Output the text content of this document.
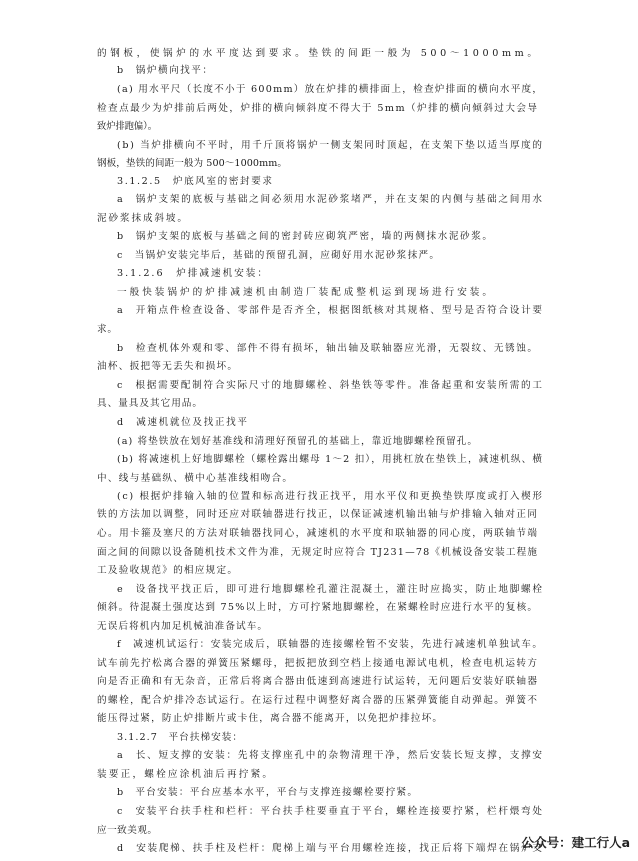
的钢板，使锅炉的水平度达到要求。垫铁的间距一般为 500～1000mm。
b　锅炉横向找平：
(a) 用水平尺（长度不小于 600mm）放在炉排的横排面上，检查炉排面的横向水平度，
检查点最少为炉排前后两处，炉排的横向倾斜度不得大于 5mm（炉排的横向倾斜过大会导
致炉排跑偏）。
(b) 当炉排横向不平时，用千斤顶将锅炉一侧支架同时顶起，在支架下垫以适当厚度的
钢板，垫铁的间距一般为 500～1000mm。
3.1.2.5　炉底风室的密封要求
a　锅炉支架的底板与基础之间必须用水泥砂浆堵严，并在支架的内侧与基础之间用水
泥砂浆抹成斜坡。
b　锅炉支架的底板与基础之间的密封砖应砌筑严密，墙的两侧抹水泥砂浆。
c　当锅炉安装完毕后，基础的预留孔洞，应砌好用水泥砂浆抹严。
3.1.2.6　炉排减速机安装：
一般快装锅炉的炉排减速机由制造厂装配成整机运到现场进行安装。
a　开箱点件检查设备、零部件是否齐全，根据图纸核对其规格、型号是否符合设计要
求。
b　检查机体外观和零、部件不得有损坏，轴出轴及联轴器应光滑，无裂纹、无锈蚀。
油杯、扳把等无丢失和损坏。
c　根据需要配制符合实际尺寸的地脚螺栓、斜垫铁等零件。准备起重和安装所需的工
具、量具及其它用品。
d　减速机就位及找正找平
(a) 将垫铁放在划好基准线和清理好预留孔的基础上，靠近地脚螺栓预留孔。
(b) 将减速机上好地脚螺栓（螺栓露出螺母 1～2 扣），用挑杠放在垫铁上，减速机纵、横
中、线与基础纵、横中心基准线相吻合。
(c) 根据炉排输入轴的位置和标高进行找正找平，用水平仪和更换垫铁厚度或打入楔形
铁的方法加以调整，同时还应对联轴器进行找正，以保证减速机输出轴与炉排输入轴对正同
心。用卡箍及塞尺的方法对联轴器找同心，减速机的水平度和联轴器的同心度，两联轴节端
面之间的间隙以设备随机技术文件为准，无规定时应符合 TJ231—78《机械设备安装工程施
工及验收规范》的相应规定。
e　设备找平找正后，即可进行地脚螺栓孔灌注混凝土，灌注时应捣实，防止地脚螺栓
倾斜。待混凝土强度达到 75%以上时，方可拧紧地脚螺栓，在紧螺栓时应进行水平的复核。
无误后将机内加足机械油准备试车。
f　减速机试运行：安装完成后，联轴器的连接螺栓暂不安装，先进行减速机单独试车。
试车前先拧松离合器的弹簧压紧螺母，把扳把放到空档上接通电源试电机，检查电机运转方
向是否正确和有无杂音，正常后将离合器由低速到高速进行试运转，无问题后安装好联轴器
的螺栓，配合炉排冷态试运行。在运行过程中调整好离合器的压紧弹簧能自动弹起。弹簧不
能压得过紧，防止炉排断片或卡住，离合器不能离开，以免把炉排拉坏。
3.1.2.7　平台扶梯安装：
a　长、短支撑的安装：先将支撑座孔中的杂物清理干净，然后安装长短支撑，支撑安
装要正，螺栓应涂机油后再拧紧。
b　平台安装：平台应基本水平，平台与支撑连接螺栓要拧紧。
c　安装平台扶手柱和栏杆：平台扶手柱要垂直于平台，螺栓连接要拧紧，栏杆煨弯处
应一致美观。
d　安装爬梯、扶手柱及栏杆：爬梯上端与平台用螺栓连接，找正后将下端焊在锅炉支
公众号：建工行人a
